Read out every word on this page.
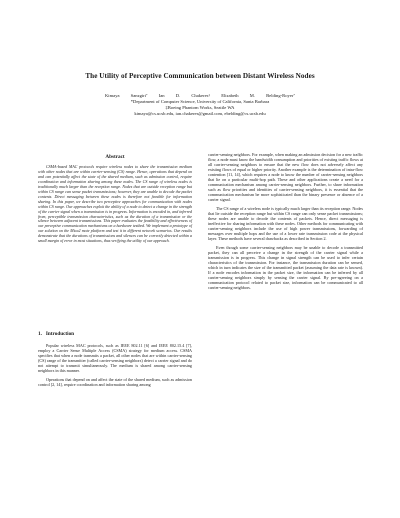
The Utility of Perceptive Communication between Distant Wireless Nodes
Kimaya Sanzgiri* Ian D. Chakeres‡ Elizabeth M. Belding-Royer*
*Department of Computer Science, University of California, Santa Barbara
‡Boeing Phantom Works, Seattle WA
kimaya@cs.ucsb.edu, ian.chakeres@gmail.com, ebelding@cs.ucsb.edu
Abstract

CSMA-based MAC protocols require wireless nodes to share the transmission medium with other nodes that are within carrier-sensing (CS) range. Hence, operations that depend on and can potentially affect the state of the shared medium, such as admission control, require coordination and information sharing among these nodes. The CS range of wireless nodes is traditionally much larger than the reception range. Nodes that are outside reception range but within CS range can sense packet transmissions; however, they are unable to decode the packet contents. Direct messaging between these nodes is therefore not feasible for information sharing. In this paper, we describe two perceptive approaches for communication with nodes within CS range. Our approaches exploit the ability of a node to detect a change in the strength of the carrier signal when a transmission is in progress. Information is encoded in, and inferred from, perceptible transmission characteristics, such as the duration of a transmission or the silence between adjacent transmissions. This paper evaluates the feasibility and effectiveness of our perceptive communication mechanisms on a hardware testbed. We implement a prototype of our solution on the Mica2 mote platform and test it in different network scenarios. Our results demonstrate that the durations of transmissions and silences can be correctly detected within a small margin of error in most situations, thus verifying the utility of our approach.

1. Introduction

Popular wireless MAC protocols, such as IEEE 802.11 [6] and IEEE 802.15.4 [7], employ a Carrier Sense Multiple Access (CSMA) strategy for medium access. CSMA specifies that when a node transmits a packet, all other nodes that are within carrier-sensing (CS) range of the transmitter (called carrier-sensing neighbors) detect a carrier signal and do not attempt to transmit simultaneously. The medium is shared among carrier-sensing neighbors in this manner.

Operations that depend on and affect the state of the shared medium, such as admission control [2, 14], require coordination and information sharing among

carrier-sensing neighbors. For example, when making an admission decision for a new traffic flow, a node must know the bandwidth consumption and priorities of existing traffic flows at all carrier-sensing neighbors to ensure that the new flow does not adversely affect any existing flows of equal or higher priority. Another example is the determination of intra-flow contention [11, 14], which requires a node to know the number of carrier-sensing neighbors that lie on a particular multi-hop path. These and other applications create a need for a communication mechanism among carrier-sensing neighbors. Further, to share information such as flow priorities and identities of carrier-sensing neighbors, it is essential that the communication mechanism be more sophisticated than the binary presence or absence of a carrier signal.

The CS range of a wireless node is typically much larger than its reception range. Nodes that lie outside the reception range but within CS range can only sense packet transmissions; these nodes are unable to decode the contents of packets. Hence, direct messaging is ineffective for sharing information with these nodes. Other methods for communicating with carrier-sensing neighbors include the use of high power transmissions, forwarding of messages over multiple hops and the use of a lower rate transmission code at the physical layer. These methods have several drawbacks as described in Section 2.

Even though some carrier-sensing neighbors may be unable to decode a transmitted packet, they can all perceive a change in the strength of the carrier signal while a transmission is in progress. This change in signal strength can be used to infer certain characteristics of the transmission. For instance, the transmission duration can be sensed, which in turn indicates the size of the transmitted packet (assuming the data rate is known). If a node encodes information in the packet size, the information can be inferred by all carrier-sensing neighbors simply by sensing the carrier signal. By pre-agreeing on a communication protocol related to packet size, information can be communicated to all carrier-sensing neighbors.
